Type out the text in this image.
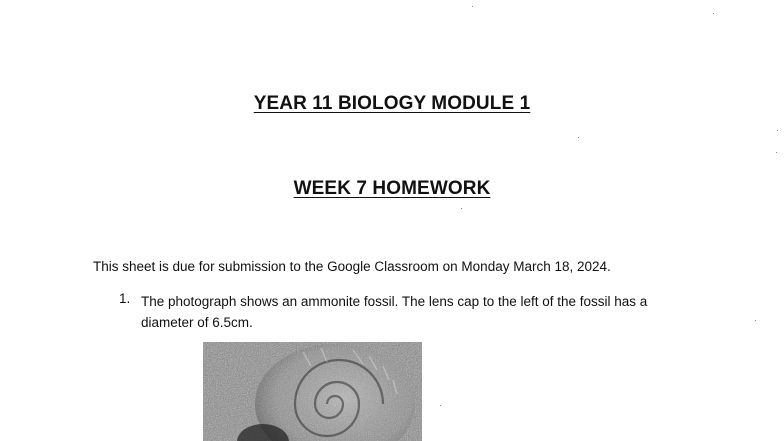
YEAR 11 BIOLOGY MODULE 1
WEEK 7 HOMEWORK
This sheet is due for submission to the Google Classroom on Monday March 18, 2024.
1. The photograph shows an ammonite fossil. The lens cap to the left of the fossil has a diameter of 6.5cm.
